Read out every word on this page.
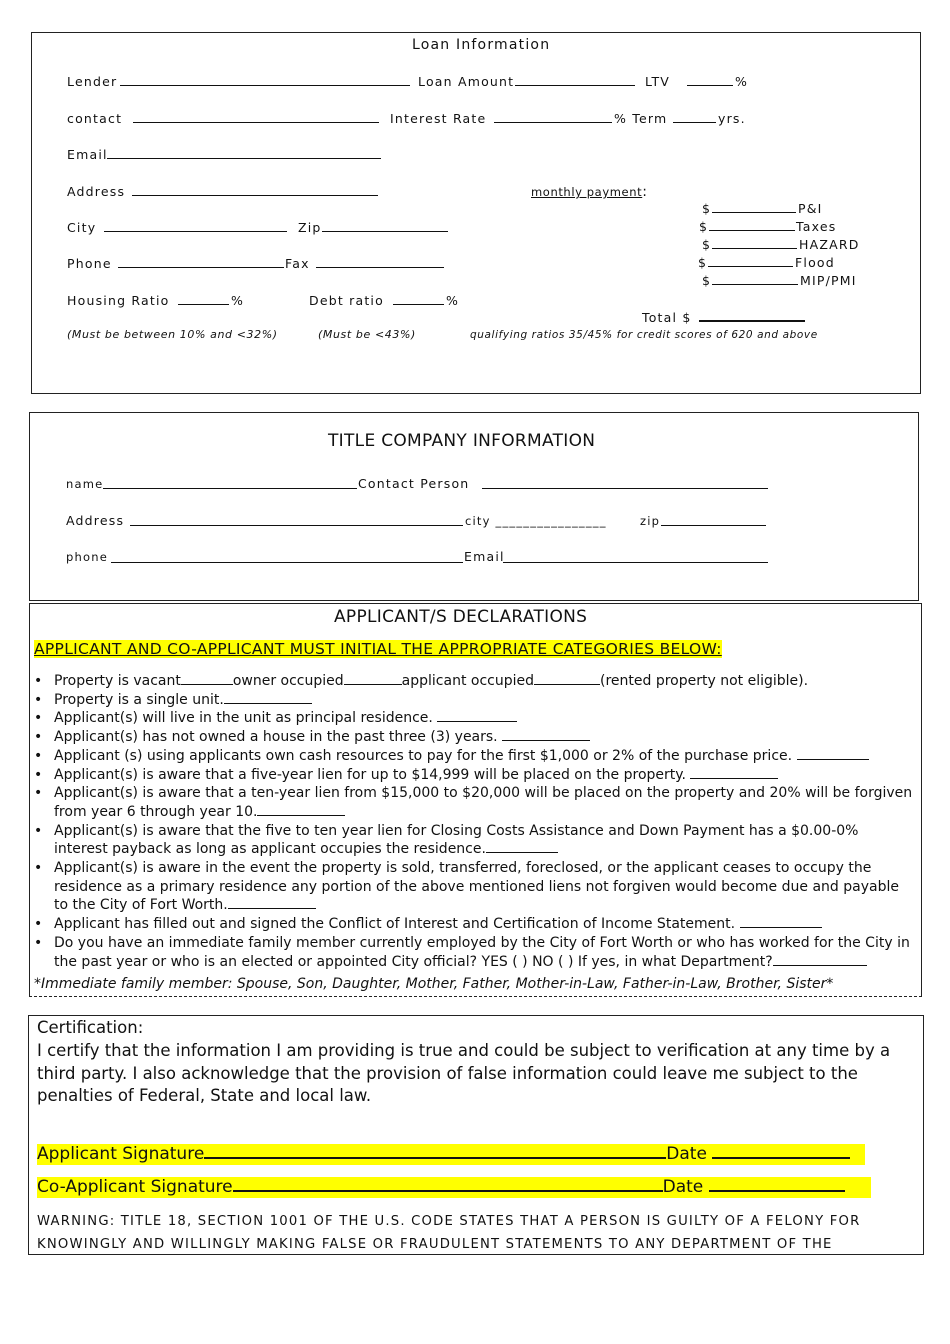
Loan Information
Lender	Loan Amount	LTV	%
contact	Interest Rate	% Term	yrs.
Email
Address	monthly payment:
City	Zip
Phone	Fax
Housing Ratio	%	Debt ratio	%
(Must be between 10% and <32%)	(Must be <43%)	qualifying ratios 35/45% for credit scores of 620 and above
$	P&I
$	Taxes
$	HAZARD
$	Flood
$	MIP/PMI
Total $
TITLE COMPANY INFORMATION
name	Contact Person
Address	city ________________	zip
phone	Email
APPLICANT/S DECLARATIONS
APPLICANT AND CO-APPLICANT MUST INITIAL THE APPROPRIATE CATEGORIES BELOW:
• Property is vacant	owner occupied	applicant occupied	(rented property not eligible).
• Property is a single unit.
• Applicant(s) will live in the unit as principal residence.
• Applicant(s) has not owned a house in the past three (3) years.
• Applicant (s) using applicants own cash resources to pay for the first $1,000 or 2% of the purchase price.
• Applicant(s) is aware that a five-year lien for up to $14,999 will be placed on the property.
• Applicant(s) is aware that a ten-year lien from $15,000 to $20,000 will be placed on the property and 20% will be forgiven from year 6 through year 10.
• Applicant(s) is aware that the five to ten year lien for Closing Costs Assistance and Down Payment has a $0.00-0% interest payback as long as applicant occupies the residence.
• Applicant(s) is aware in the event the property is sold, transferred, foreclosed, or the applicant ceases to occupy the residence as a primary residence any portion of the above mentioned liens not forgiven would become due and payable to the City of Fort Worth.
• Applicant has filled out and signed the Conflict of Interest and Certification of Income Statement.
• Do you have an immediate family member currently employed by the City of Fort Worth or who has worked for the City in the past year or who is an elected or appointed City official? YES ( ) NO ( ) If yes, in what Department?
*Immediate family member: Spouse, Son, Daughter, Mother, Father, Mother-in-Law, Father-in-Law, Brother, Sister*
Certification:
I certify that the information I am providing is true and could be subject to verification at any time by a third party. I also acknowledge that the provision of false information could leave me subject to the penalties of Federal, State and local law.
Applicant Signature	Date
Co-Applicant Signature	Date
WARNING: TITLE 18, SECTION 1001 OF THE U.S. CODE STATES THAT A PERSON IS GUILTY OF A FELONY FOR KNOWINGLY AND WILLINGLY MAKING FALSE OR FRAUDULENT STATEMENTS TO ANY DEPARTMENT OF THE
